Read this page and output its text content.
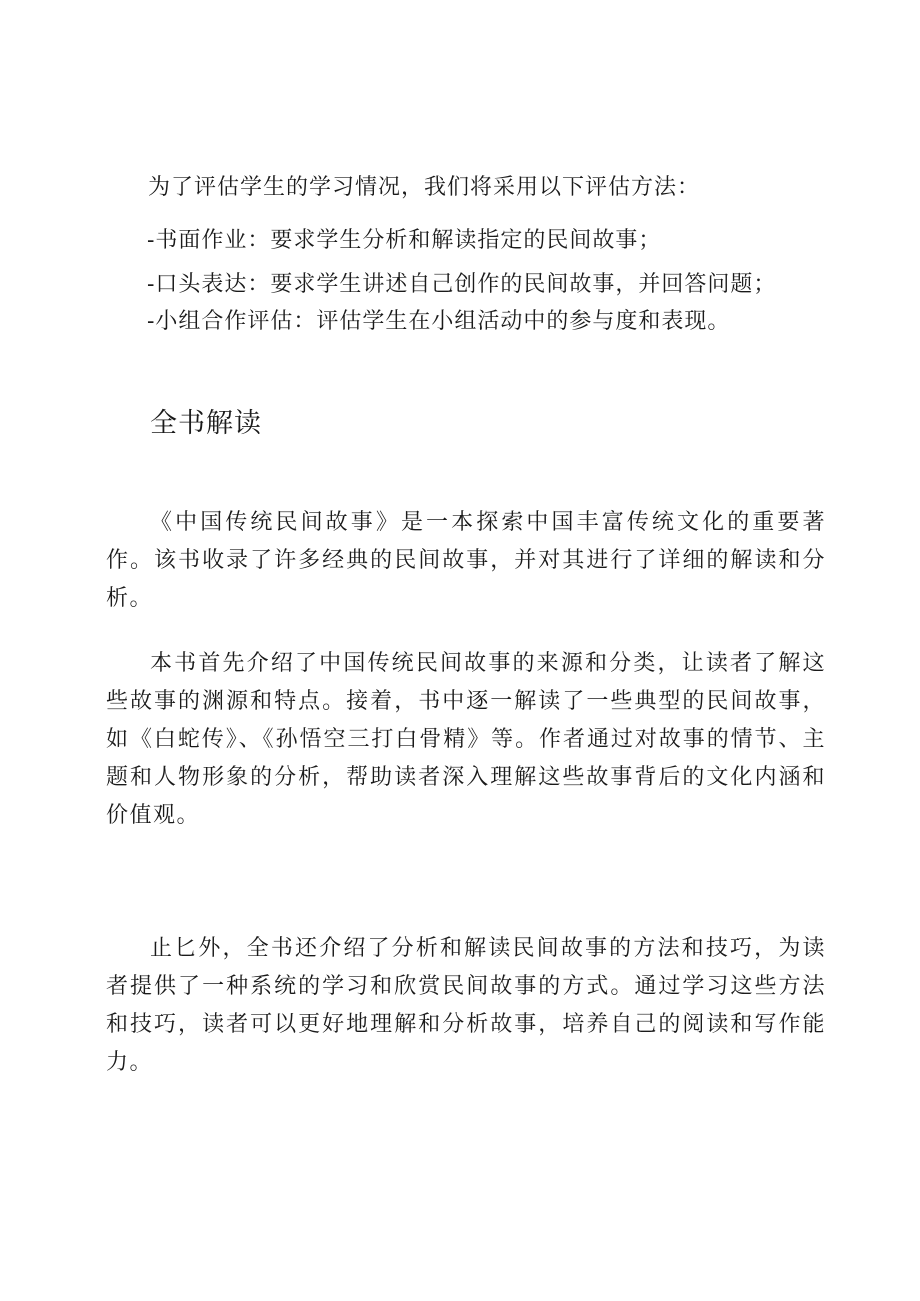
为了评估学生的学习情况，我们将采用以下评估方法：
-书面作业：要求学生分析和解读指定的民间故事；
-口头表达：要求学生讲述自己创作的民间故事，并回答问题；
-小组合作评估：评估学生在小组活动中的参与度和表现。
全书解读

《中国传统民间故事》是一本探索中国丰富传统文化的重要著作。该书收录了许多经典的民间故事，并对其进行了详细的解读和分析。

本书首先介绍了中国传统民间故事的来源和分类，让读者了解这些故事的渊源和特点。接着，书中逐一解读了一些典型的民间故事，如《白蛇传》、《孙悟空三打白骨精》等。作者通过对故事的情节、主题和人物形象的分析，帮助读者深入理解这些故事背后的文化内涵和价值观。

止匕外，全书还介绍了分析和解读民间故事的方法和技巧，为读者提供了一种系统的学习和欣赏民间故事的方式。通过学习这些方法和技巧，读者可以更好地理解和分析故事，培养自己的阅读和写作能力。
